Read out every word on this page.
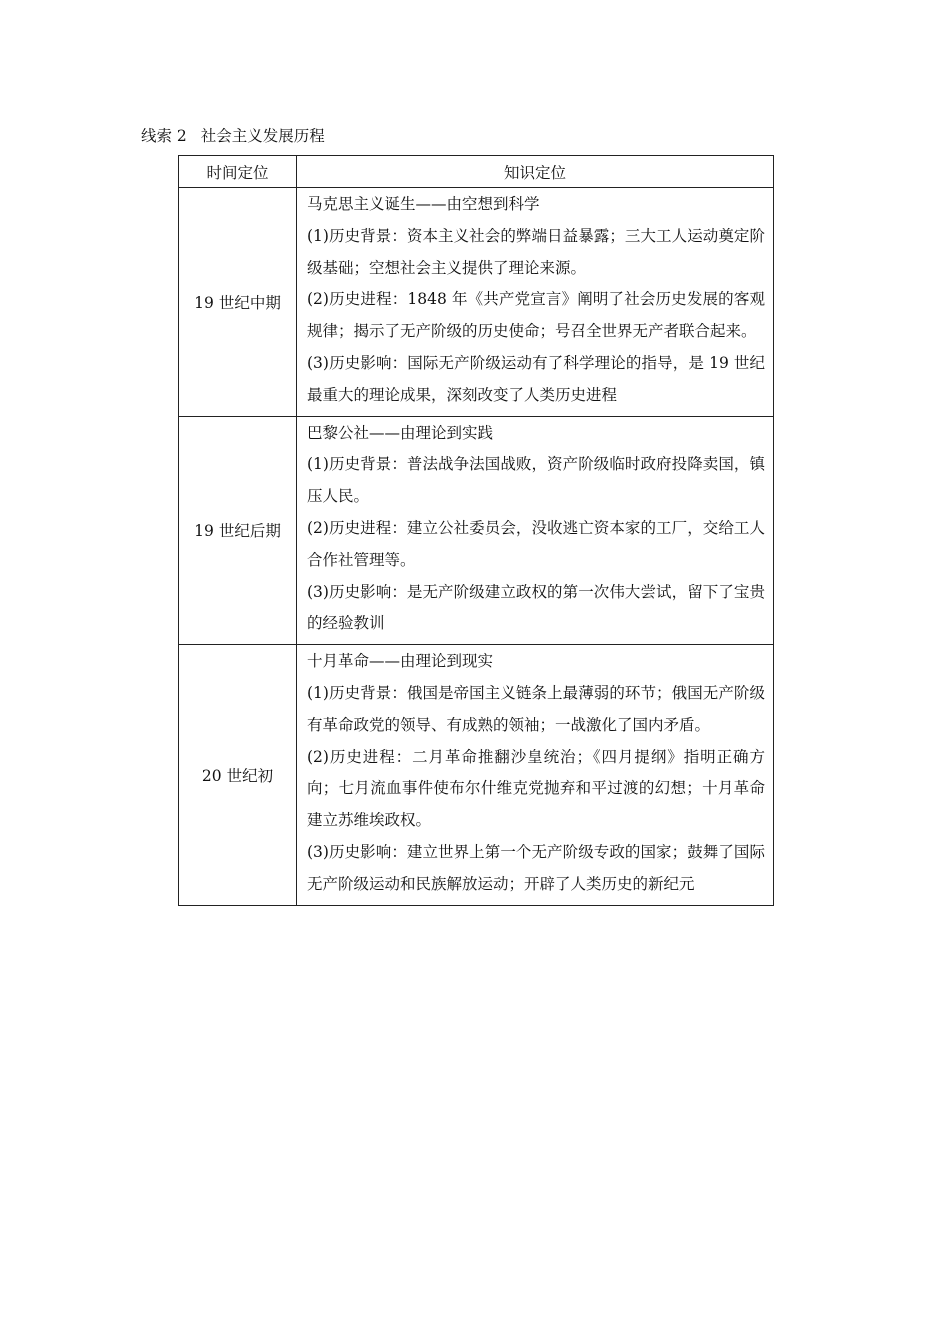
线索 2 社会主义发展历程
时间定位	知识定位
19 世纪中期	马克思主义诞生——由空想到科学
(1)历史背景：资本主义社会的弊端日益暴露；三大工人运动奠定阶级基础；空想社会主义提供了理论来源。
(2)历史进程：1848 年《共产党宣言》阐明了社会历史发展的客观规律；揭示了无产阶级的历史使命；号召全世界无产者联合起来。
(3)历史影响：国际无产阶级运动有了科学理论的指导，是 19 世纪最重大的理论成果，深刻改变了人类历史进程

19 世纪后期	巴黎公社——由理论到实践
(1)历史背景：普法战争法国战败，资产阶级临时政府投降卖国，镇压人民。
(2)历史进程：建立公社委员会，没收逃亡资本家的工厂，交给工人合作社管理等。
(3)历史影响：是无产阶级建立政权的第一次伟大尝试，留下了宝贵的经验教训

20 世纪初	十月革命——由理论到现实
(1)历史背景：俄国是帝国主义链条上最薄弱的环节；俄国无产阶级有革命政党的领导、有成熟的领袖；一战激化了国内矛盾。
(2)历史进程：二月革命推翻沙皇统治；《四月提纲》指明正确方向；七月流血事件使布尔什维克党抛弃和平过渡的幻想；十月革命建立苏维埃政权。
(3)历史影响：建立世界上第一个无产阶级专政的国家；鼓舞了国际无产阶级运动和民族解放运动；开辟了人类历史的新纪元
